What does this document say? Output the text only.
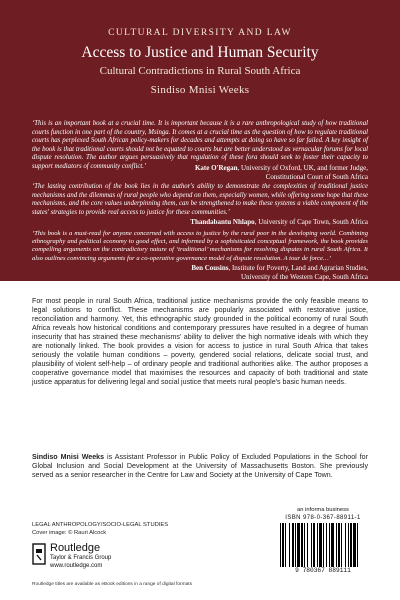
CULTURAL DIVERSITY AND LAW
Access to Justice and Human Security
Cultural Contradictions in Rural South Africa
Sindiso Mnisi Weeks
‘This is an important book at a crucial time. It is important because it is a rare anthropological study of how traditional courts function in one part of the country, Msinga. It comes at a crucial time as the question of how to regulate traditional courts has perplexed South African policy-makers for decades and attempts at doing so have so far failed. A key insight of the book is that traditional courts should not be equated to courts but are better understood as vernacular forums for local dispute resolution. The author argues persuasively that regulation of these fora should seek to foster their capacity to support mediators of community conflict.’	Kate O'Regan, University of Oxford, UK, and former Judge,
Constitutional Court of South Africa
‘The lasting contribution of the book lies in the author's ability to demonstrate the complexities of traditional justice mechanisms and the dilemmas of rural people who depend on them, especially women, while offering some hope that these mechanisms, and the core values underpinning them, can be strengthened to make these systems a viable component of the states' strategies to provide real access to justice for these communities.’
Thandabantu Nhlapo, University of Cape Town, South Africa
‘This book is a must-read for anyone concerned with access to justice by the rural poor in the developing world. Combining ethnography and political economy to good effect, and informed by a sophisticated conceptual framework, the book provides compelling arguments on the contradictory nature of ‘traditional’ mechanisms for resolving disputes in rural South Africa. It also outlines convincing arguments for a co-operative governance model of dispute resolution. A tour de force…’
Ben Cousins, Institute for Poverty, Land and Agrarian Studies,
University of the Western Cape, South Africa
For most people in rural South Africa, traditional justice mechanisms provide the only feasible means to legal solutions to conflict. These mechanisms are popularly associated with restorative justice, reconciliation and harmony. Yet, this ethnographic study grounded in the political economy of rural South Africa reveals how historical conditions and contemporary pressures have resulted in a degree of human insecurity that has strained these mechanisms' ability to deliver the high normative ideals with which they are notionally linked. The book provides a vision for access to justice in rural South Africa that takes seriously the volatile human conditions – poverty, gendered social relations, delicate social trust, and plausibility of violent self-help – of ordinary people and traditional authorities alike. The author proposes a cooperative governance model that maximises the resources and capacity of both traditional and state justice apparatus for delivering legal and social justice that meets rural people's basic human needs.
Sindiso Mnisi Weeks is Assistant Professor in Public Policy of Excluded Populations in the School for Global Inclusion and Social Development at the University of Massachusetts Boston. She previously served as a senior researcher in the Centre for Law and Society at the University of Cape Town.
LEGAL ANTHROPOLOGY/SOCIO-LEGAL STUDIES
Cover image: © Rauri Alcock
Routledge
Taylor & Francis Group
www.routledge.com
Routledge titles are available as eBook editions in a range of digital formats
an informa business
ISBN 978-0-367-88911-1
9 780367 889111
